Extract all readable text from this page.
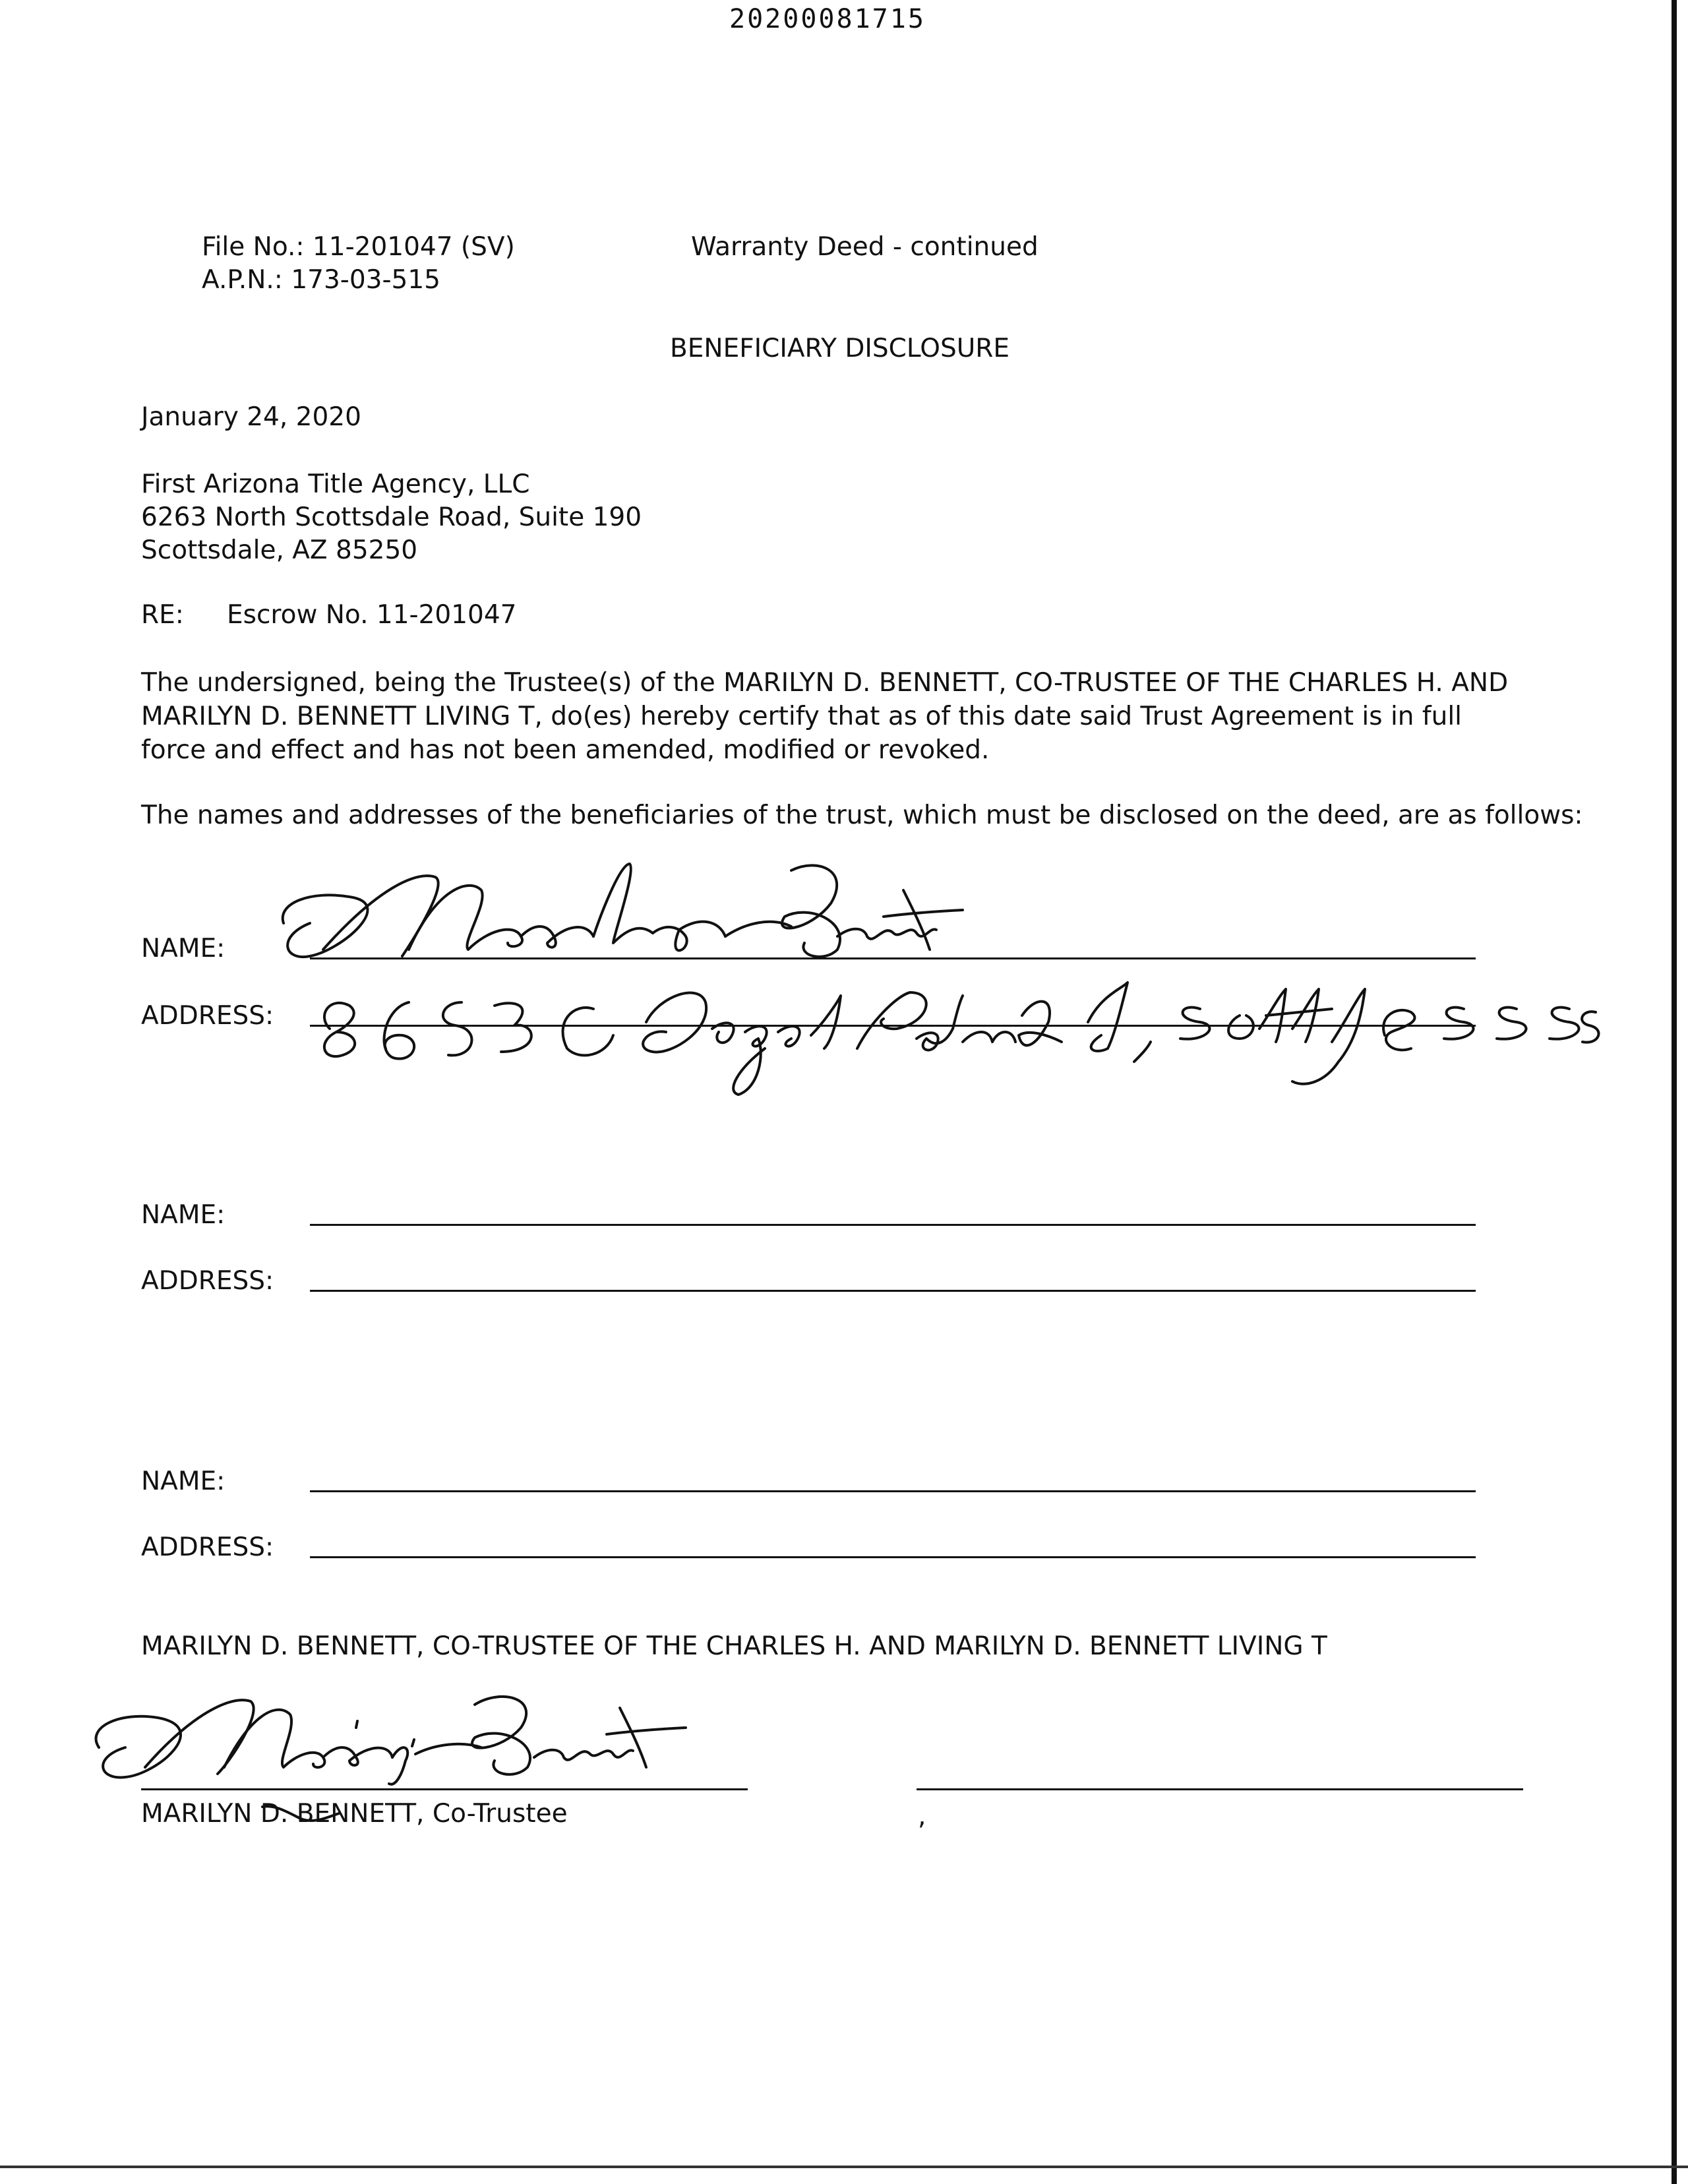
20200081715
File No.: 11-201047 (SV)
A.P.N.: 173-03-515
Warranty Deed - continued
BENEFICIARY DISCLOSURE
January 24, 2020
First Arizona Title Agency, LLC
6263 North Scottsdale Road, Suite 190
Scottsdale, AZ 85250
RE: Escrow No. 11-201047
The undersigned, being the Trustee(s) of the MARILYN D. BENNETT, CO-TRUSTEE OF THE CHARLES H. AND MARILYN D. BENNETT LIVING T, do(es) hereby certify that as of this date said Trust Agreement is in full force and effect and has not been amended, modified or revoked.
The names and addresses of the beneficiaries of the trust, which must be disclosed on the deed, are as follows:
NAME:
ADDRESS:
NAME:
ADDRESS:
NAME:
ADDRESS:
MARILYN D. BENNETT, CO-TRUSTEE OF THE CHARLES H. AND MARILYN D. BENNETT LIVING T
MARILYN D. BENNETT, Co-Trustee	,
